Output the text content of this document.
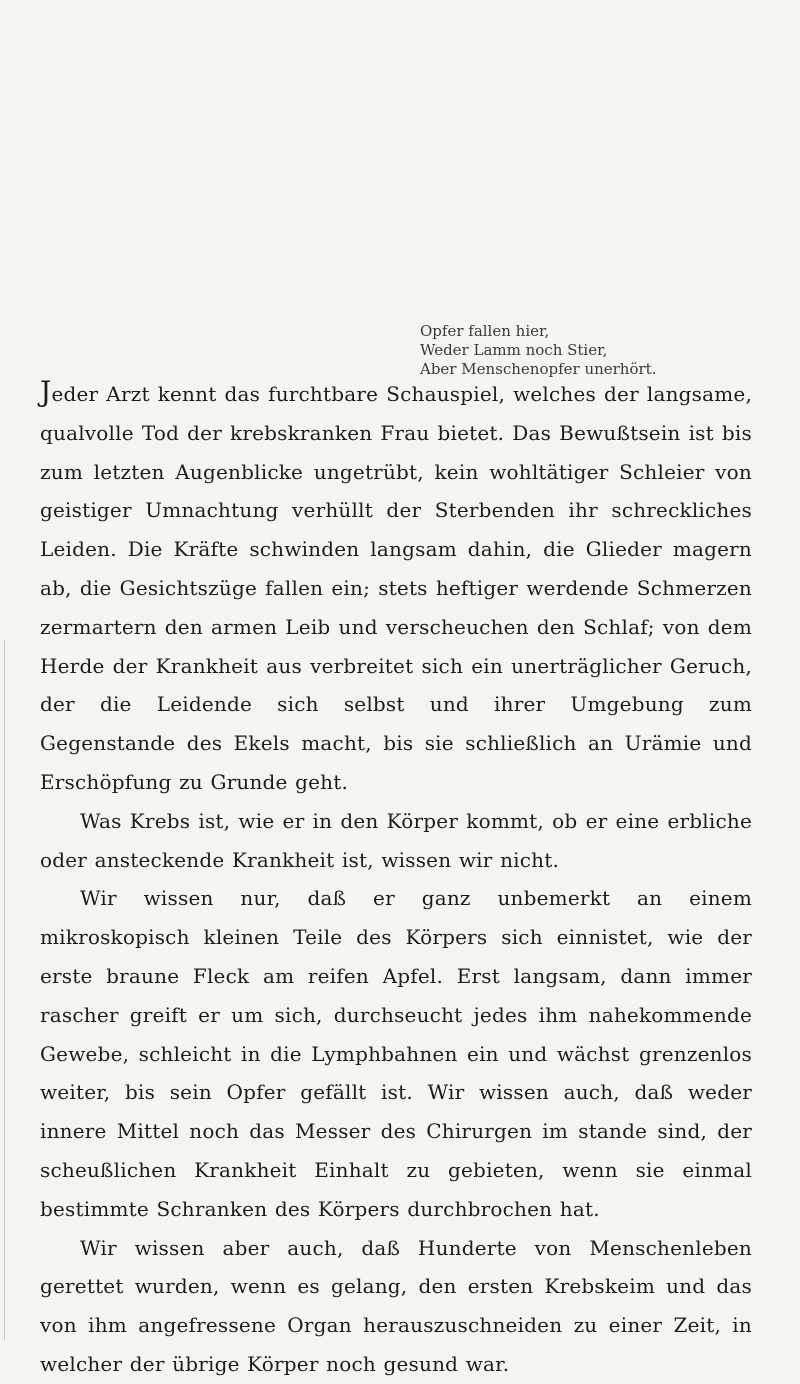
Opfer fallen hier,
Weder Lamm noch Stier,
Aber Menschenopfer unerhört.

Jeder Arzt kennt das furchtbare Schauspiel, welches der langsame, qualvolle Tod der krebskranken Frau bietet. Das Bewußtsein ist bis zum letzten Augenblicke ungetrübt, kein wohltätiger Schleier von geistiger Umnachtung verhüllt der Sterbenden ihr schreckliches Leiden. Die Kräfte schwinden langsam dahin, die Glieder magern ab, die Gesichtszüge fallen ein; stets heftiger werdende Schmerzen zermartern den armen Leib und verscheuchen den Schlaf; von dem Herde der Krankheit aus verbreitet sich ein unerträglicher Geruch, der die Leidende sich selbst und ihrer Umgebung zum Gegenstande des Ekels macht, bis sie schließlich an Urämie und Erschöpfung zu Grunde geht.

Was Krebs ist, wie er in den Körper kommt, ob er eine erbliche oder ansteckende Krankheit ist, wissen wir nicht.

Wir wissen nur, daß er ganz unbemerkt an einem mikroskopisch kleinen Teile des Körpers sich einnistet, wie der erste braune Fleck am reifen Apfel. Erst langsam, dann immer rascher greift er um sich, durchseucht jedes ihm nahekommende Gewebe, schleicht in die Lymphbahnen ein und wächst grenzenlos weiter, bis sein Opfer gefällt ist. Wir wissen auch, daß weder innere Mittel noch das Messer des Chirurgen im stande sind, der scheußlichen Krankheit Einhalt zu gebieten, wenn sie einmal bestimmte Schranken des Körpers durchbrochen hat.

Wir wissen aber auch, daß Hunderte von Menschenleben gerettet wurden, wenn es gelang, den ersten Krebskeim und das von ihm angefressene Organ herauszuschneiden zu einer Zeit, in welcher der übrige Körper noch gesund war.
